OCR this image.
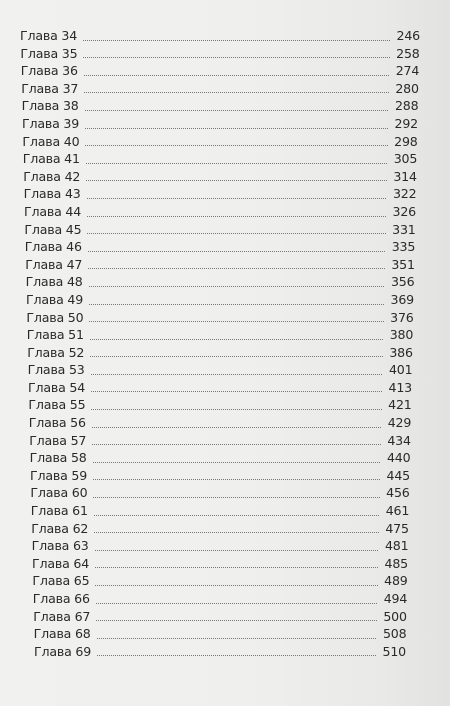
Глава 34	246
Глава 35	258
Глава 36	274
Глава 37	280
Глава 38	288
Глава 39	292
Глава 40	298
Глава 41	305
Глава 42	314
Глава 43	322
Глава 44	326
Глава 45	331
Глава 46	335
Глава 47	351
Глава 48	356
Глава 49	369
Глава 50	376
Глава 51	380
Глава 52	386
Глава 53	401
Глава 54	413
Глава 55	421
Глава 56	429
Глава 57	434
Глава 58	440
Глава 59	445
Глава 60	456
Глава 61	461
Глава 62	475
Глава 63	481
Глава 64	485
Глава 65	489
Глава 66	494
Глава 67	500
Глава 68	508
Глава 69	510
